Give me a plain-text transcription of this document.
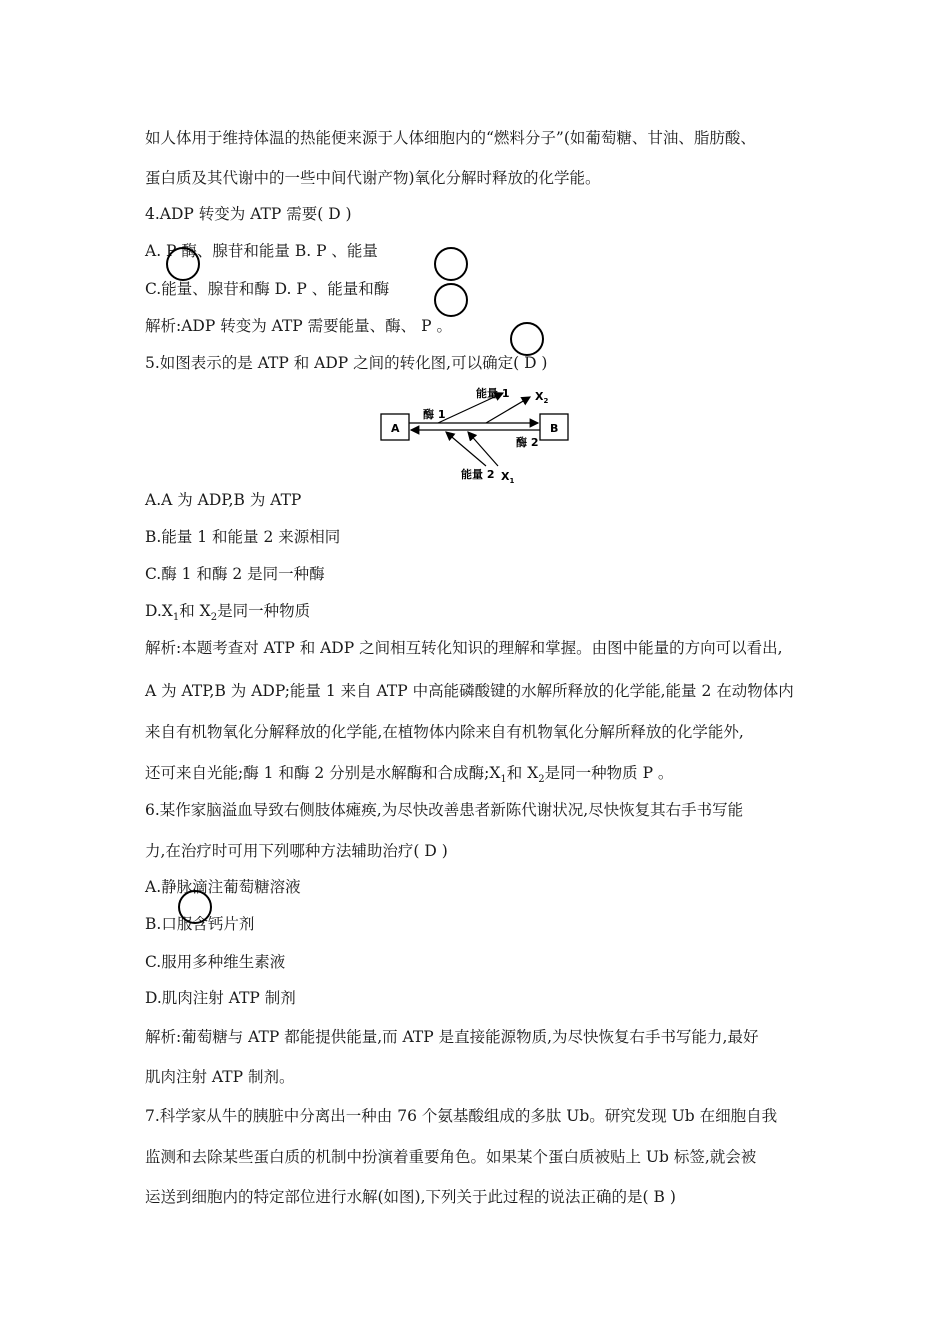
如人体用于维持体温的热能便来源于人体细胞内的“燃料分子”(如葡萄糖、甘油、脂肪酸、
蛋白质及其代谢中的一些中间代谢产物)氧化分解时释放的化学能。
4.ADP 转变为 ATP 需要( D )
A. P 酶、腺苷和能量 B. P 、能量
C.能量、腺苷和酶 D. P 、能量和酶
解析:ADP 转变为 ATP 需要能量、酶、 P 。
5.如图表示的是 ATP 和 ADP 之间的转化图,可以确定( D )
A	B
酶 1
酶 2
能量 1 $X_2$
能量 2 $X_1$
A.A 为 ADP,B 为 ATP
B.能量 1 和能量 2 来源相同
C.酶 1 和酶 2 是同一种酶
$D.X_1$和 $X_2$是同一种物质
解析:本题考查对 ATP 和 ADP 之间相互转化知识的理解和掌握。由图中能量的方向可以看出,
A 为 ATP,B 为 ADP;能量 1 来自 ATP 中高能磷酸键的水解所释放的化学能,能量 2 在动物体内
来自有机物氧化分解释放的化学能,在植物体内除来自有机物氧化分解所释放的化学能外,
还可来自光能;酶 1 和酶 2 分别是水解酶和合成酶$;X_1$和 $X_2$是同一种物质 P 。
6.某作家脑溢血导致右侧肢体瘫痪,为尽快改善患者新陈代谢状况,尽快恢复其右手书写能
力,在治疗时可用下列哪种方法辅助治疗( D )
A.静脉滴注葡萄糖溶液
B.口服含钙片剂
C.服用多种维生素液
D.肌肉注射 ATP 制剂
解析:葡萄糖与 ATP 都能提供能量,而 ATP 是直接能源物质,为尽快恢复右手书写能力,最好
肌肉注射 ATP 制剂。
7.科学家从牛的胰脏中分离出一种由 76 个氨基酸组成的多肽 Ub。研究发现 Ub 在细胞自我
监测和去除某些蛋白质的机制中扮演着重要角色。如果某个蛋白质被贴上 Ub 标签,就会被
运送到细胞内的特定部位进行水解(如图),下列关于此过程的说法正确的是( B )
